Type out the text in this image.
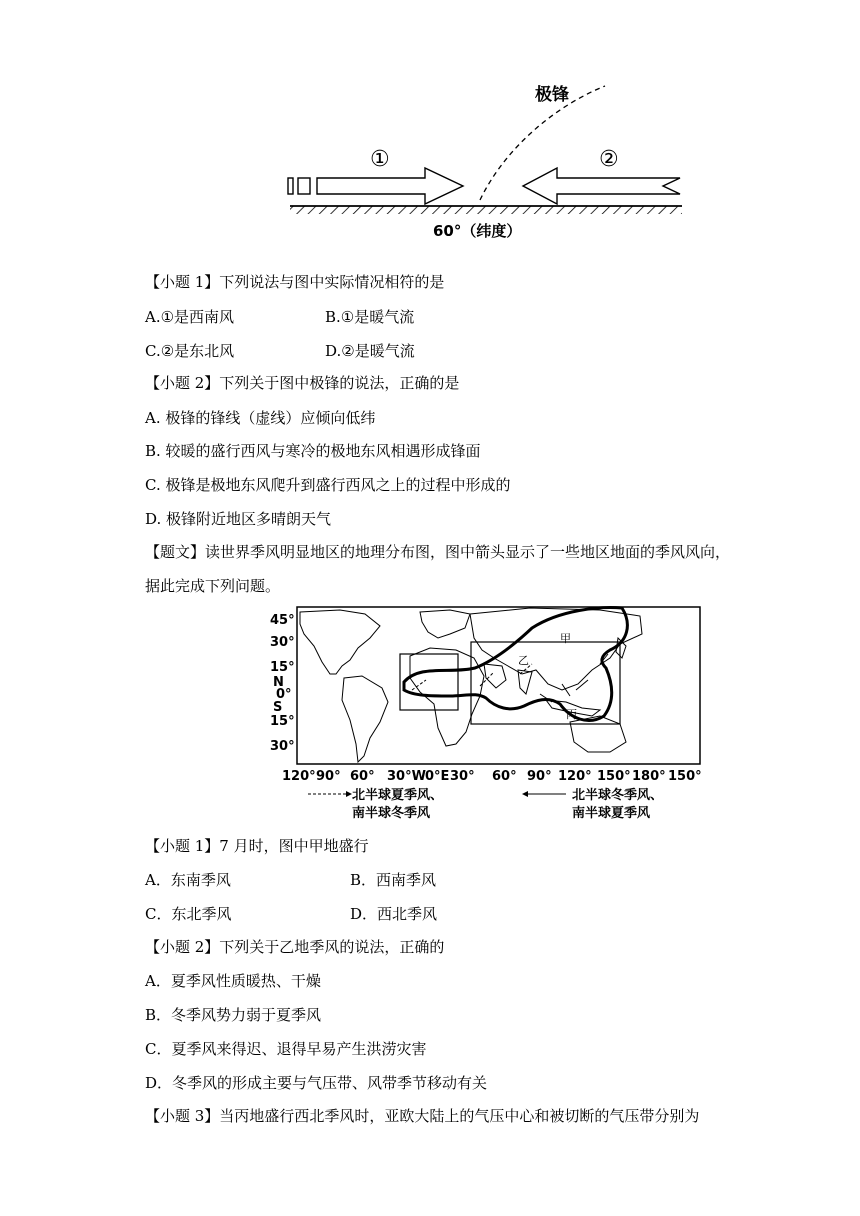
极锋
①	②
60°（纬度）
【小题 1】下列说法与图中实际情况相符的是
A.①是西南风	B.①是暖气流
C.②是东北风	D.②是暖气流
【小题 2】下列关于图中极锋的说法，正确的是
A. 极锋的锋线（虚线）应倾向低纬
B. 较暖的盛行西风与寒冷的极地东风相遇形成锋面
C. 极锋是极地东风爬升到盛行西风之上的过程中形成的
D. 极锋附近地区多晴朗天气
【题文】读世界季风明显地区的地理分布图，图中箭头显示了一些地区地面的季风风向，
据此完成下列问题。
45°
30°
15°
N
0°
S
15°
30°
甲
乙
丙
120° 90° 60° 30°W 0°E 30° 60° 90° 120° 150° 180° 150°
北半球夏季风、
南半球冬季风
北半球冬季风、
南半球夏季风
【小题 1】7 月时，图中甲地盛行
A．东南季风	B．西南季风
C．东北季风	D．西北季风
【小题 2】下列关于乙地季风的说法，正确的
A．夏季风性质暖热、干燥
B．冬季风势力弱于夏季风
C．夏季风来得迟、退得早易产生洪涝灾害
D．冬季风的形成主要与气压带、风带季节移动有关
【小题 3】当丙地盛行西北季风时，亚欧大陆上的气压中心和被切断的气压带分别为
